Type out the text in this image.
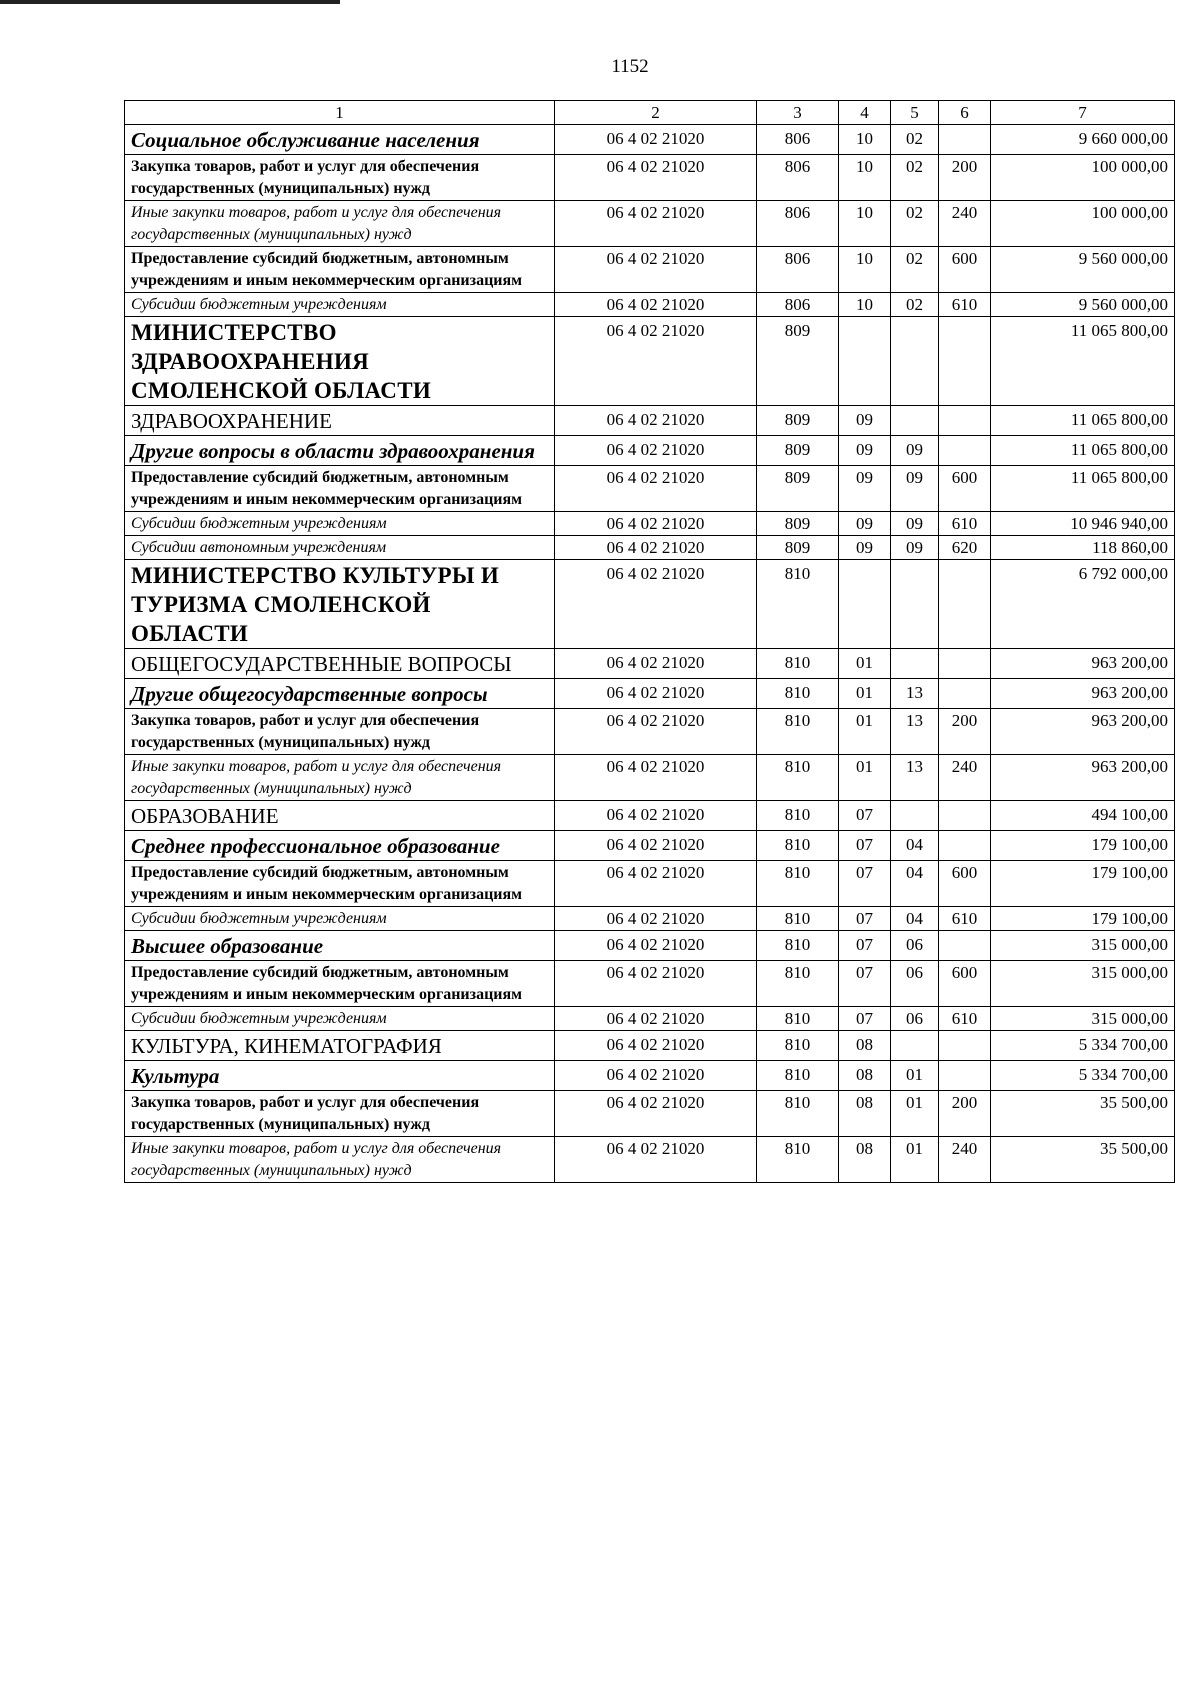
1152
1	2	3	4	5	6	7
Социальное обслуживание населения	06 4 02 21020	806	10	02		9 660 000,00
Закупка товаров, работ и услуг для обеспечения государственных (муниципальных) нужд	06 4 02 21020	806	10	02	200	100 000,00
Иные закупки товаров, работ и услуг для обеспечения государственных (муниципальных) нужд	06 4 02 21020	806	10	02	240	100 000,00
Предоставление субсидий бюджетным, автономным учреждениям и иным некоммерческим организациям	06 4 02 21020	806	10	02	600	9 560 000,00
Субсидии бюджетным учреждениям	06 4 02 21020	806	10	02	610	9 560 000,00
МИНИСТЕРСТВО ЗДРАВООХРАНЕНИЯ СМОЛЕНСКОЙ ОБЛАСТИ	06 4 02 21020	809				11 065 800,00
ЗДРАВООХРАНЕНИЕ	06 4 02 21020	809	09			11 065 800,00
Другие вопросы в области здравоохранения	06 4 02 21020	809	09	09		11 065 800,00
Предоставление субсидий бюджетным, автономным учреждениям и иным некоммерческим организациям	06 4 02 21020	809	09	09	600	11 065 800,00
Субсидии бюджетным учреждениям	06 4 02 21020	809	09	09	610	10 946 940,00
Субсидии автономным учреждениям	06 4 02 21020	809	09	09	620	118 860,00
МИНИСТЕРСТВО КУЛЬТУРЫ И ТУРИЗМА СМОЛЕНСКОЙ ОБЛАСТИ	06 4 02 21020	810				6 792 000,00
ОБЩЕГОСУДАРСТВЕННЫЕ ВОПРОСЫ	06 4 02 21020	810	01			963 200,00
Другие общегосударственные вопросы	06 4 02 21020	810	01	13		963 200,00
Закупка товаров, работ и услуг для обеспечения государственных (муниципальных) нужд	06 4 02 21020	810	01	13	200	963 200,00
Иные закупки товаров, работ и услуг для обеспечения государственных (муниципальных) нужд	06 4 02 21020	810	01	13	240	963 200,00
ОБРАЗОВАНИЕ	06 4 02 21020	810	07			494 100,00
Среднее профессиональное образование	06 4 02 21020	810	07	04		179 100,00
Предоставление субсидий бюджетным, автономным учреждениям и иным некоммерческим организациям	06 4 02 21020	810	07	04	600	179 100,00
Субсидии бюджетным учреждениям	06 4 02 21020	810	07	04	610	179 100,00
Высшее образование	06 4 02 21020	810	07	06		315 000,00
Предоставление субсидий бюджетным, автономным учреждениям и иным некоммерческим организациям	06 4 02 21020	810	07	06	600	315 000,00
Субсидии бюджетным учреждениям	06 4 02 21020	810	07	06	610	315 000,00
КУЛЬТУРА, КИНЕМАТОГРАФИЯ	06 4 02 21020	810	08			5 334 700,00
Культура	06 4 02 21020	810	08	01		5 334 700,00
Закупка товаров, работ и услуг для обеспечения государственных (муниципальных) нужд	06 4 02 21020	810	08	01	200	35 500,00
Иные закупки товаров, работ и услуг для обеспечения государственных (муниципальных) нужд	06 4 02 21020	810	08	01	240	35 500,00
